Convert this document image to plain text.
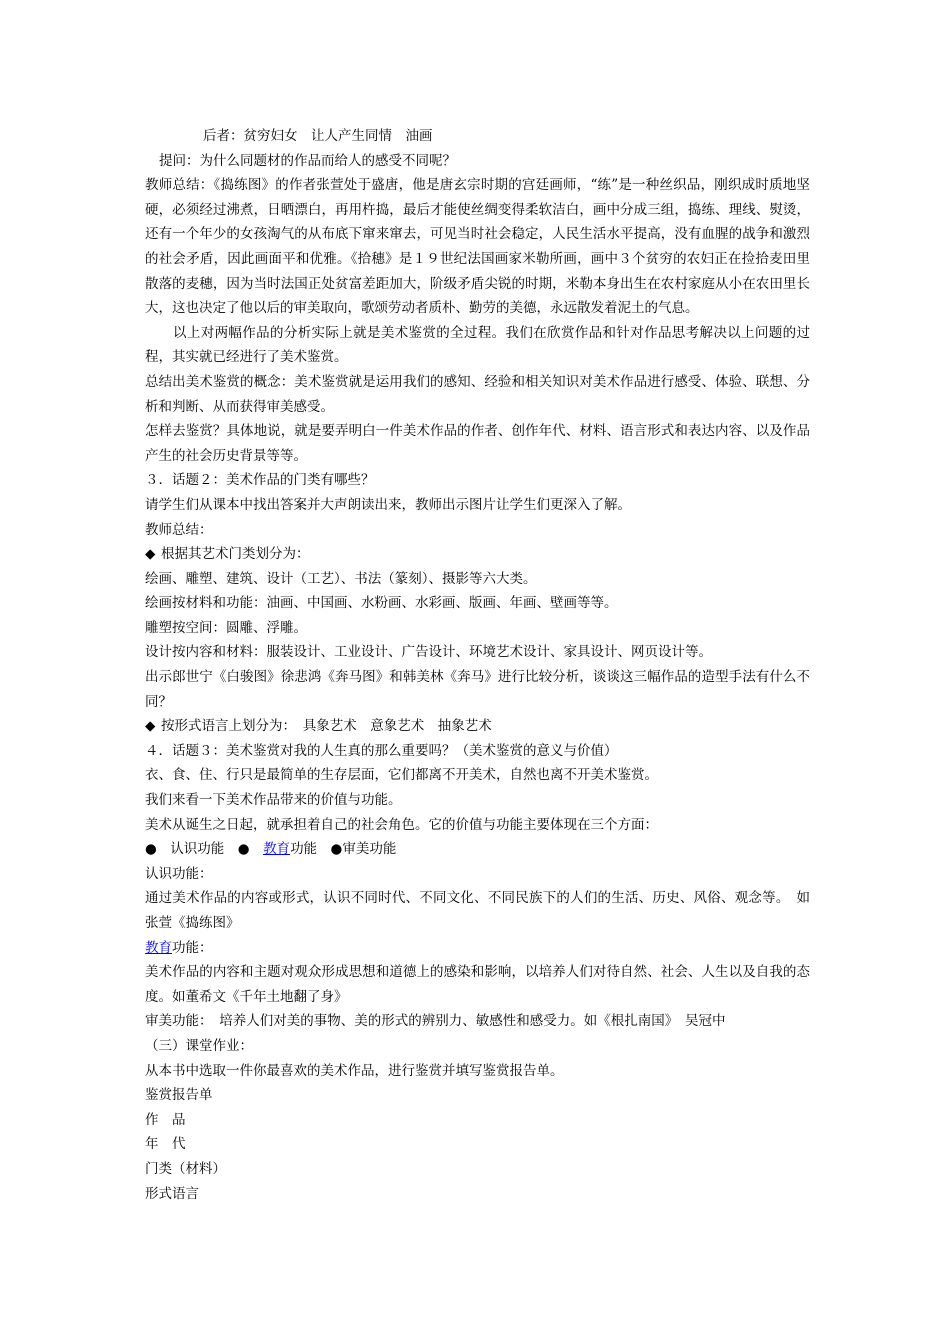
后者：贫穷妇女　让人产生同情　油画

提问：为什么同题材的作品而给人的感受不同呢？

教师总结：《捣练图》的作者张萱处于盛唐，他是唐玄宗时期的宫廷画师，“练”是一种丝织品，刚织成时质地坚硬，必须经过沸煮，日晒漂白，再用杵捣，最后才能使丝绸变得柔软洁白，画中分成三组，捣练、理线、熨烫，还有一个年少的女孩淘气的从布底下窜来窜去，可见当时社会稳定，人民生活水平提高，没有血腥的战争和激烈的社会矛盾，因此画面平和优雅。《拾穗》是１９世纪法国画家米勒所画，画中３个贫穷的农妇正在捡拾麦田里散落的麦穗，因为当时法国正处贫富差距加大，阶级矛盾尖锐的时期，米勒本身出生在农村家庭从小在农田里长大，这也决定了他以后的审美取向，歌颂劳动者质朴、勤劳的美德，永远散发着泥土的气息。

以上对两幅作品的分析实际上就是美术鉴赏的全过程。我们在欣赏作品和针对作品思考解决以上问题的过程，其实就已经进行了美术鉴赏。

总结出美术鉴赏的概念：美术鉴赏就是运用我们的感知、经验和相关知识对美术作品进行感受、体验、联想、分析和判断、从而获得审美感受。

怎样去鉴赏？具体地说，就是要弄明白一件美术作品的作者、创作年代、材料、语言形式和表达内容、以及作品产生的社会历史背景等等。

３．话题２：美术作品的门类有哪些？

请学生们从课本中找出答案并大声朗读出来，教师出示图片让学生们更深入了解。

教师总结：

◆ 根据其艺术门类划分为：

绘画、雕塑、建筑、设计（工艺）、书法（篆刻）、摄影等六大类。

绘画按材料和功能：油画、中国画、水粉画、水彩画、版画、年画、壁画等等。

雕塑按空间：圆雕、浮雕。

设计按内容和材料：服装设计、工业设计、广告设计、环境艺术设计、家具设计、网页设计等。

出示郎世宁《白骏图》徐悲鸿《奔马图》和韩美林《奔马》进行比较分析，谈谈这三幅作品的造型手法有什么不同？

◆ 按形式语言上划分为：　具象艺术　意象艺术　抽象艺术

４．话题３：美术鉴赏对我的人生真的那么重要吗？（美术鉴赏的意义与价值）

衣、食、住、行只是最简单的生存层面，它们都离不开美术，自然也离不开美术鉴赏。

我们来看一下美术作品带来的价值与功能。

美术从诞生之日起，就承担着自己的社会角色。它的价值与功能主要体现在三个方面：

●　认识功能　●　教育功能　●审美功能

认识功能：

通过美术作品的内容或形式，认识不同时代、不同文化、不同民族下的人们的生活、历史、风俗、观念等。　如张萱《捣练图》

教育功能：

美术作品的内容和主题对观众形成思想和道德上的感染和影响，以培养人们对待自然、社会、人生以及自我的态度。如董希文《千年土地翻了身》

审美功能：　培养人们对美的事物、美的形式的辨别力、敏感性和感受力。如《根扎南国》　吴冠中

（三）课堂作业：

从本书中选取一件你最喜欢的美术作品，进行鉴赏并填写鉴赏报告单。

鉴赏报告单

作　品

年　代

门类（材料）

形式语言
